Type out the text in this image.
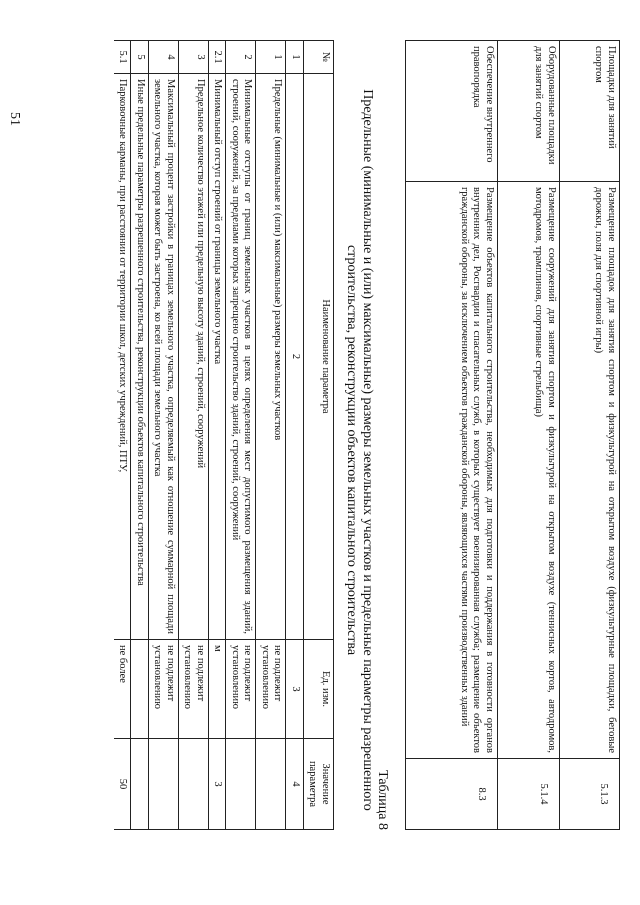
51	Площадки для занятий спортом	Размещение площадок для занятия спортом и физкультурой на открытом воздухе (физкультурные площадки, беговые дорожки, поля для спортивной игры)	5.1.3
Оборудованные площадки для занятий спортом	Размещение сооружений для занятия спортом и физкультурой на открытом воздухе (теннисных кортов, автодромов, мотодромов, трамплинов, спортивные стрельбища)	5.1.4
Обеспечение внутреннего правопорядка	Размещение объектов капитального строительства, необходимых для подготовки и поддержания в готовности органов внутренних дел, Росгвардии и спасательных служб, в которых существует военизированная служба; размещение объектов гражданской обороны, за исключением объектов гражданской обороны, являющихся частями производственных зданий	8.3
Таблица 8
Предельные (минимальные и (или) максимальные) размеры земельных участков и предельные параметры разрешенного строительства, реконструкции объектов капитального строительства
№	Наименование параметра	Ед. изм.	Значение параметра
1	2	3	4
1	Предельные (минимальные и (или) максимальные) размеры земельных участков	не подлежит установлению	
2	Минимальные отступы от границ земельных участков в целях определения мест допустимого размещения зданий, строений, сооружений, за пределами которых запрещено строительство зданий, строений, сооружений	не подлежит установлению	
2.1	Минимальный отступ строений от границы земельного участка	м	3
3	Предельное количество этажей или предельную высоту зданий, строений, сооружений	не подлежит установлению	
4	Максимальный процент застройки в границах земельного участка, определяемый как отношение суммарной площади земельного участка, которая может быть застроена, ко всей площади земельного участка	не подлежит установлению	
5	Иные предельные параметры разрешенного строительства, реконструкции объектов капитального строительства		
5.1	Парковочные карманы, при расстоянии от территории школ, детских учреждений, ПТУ,	не более	50
